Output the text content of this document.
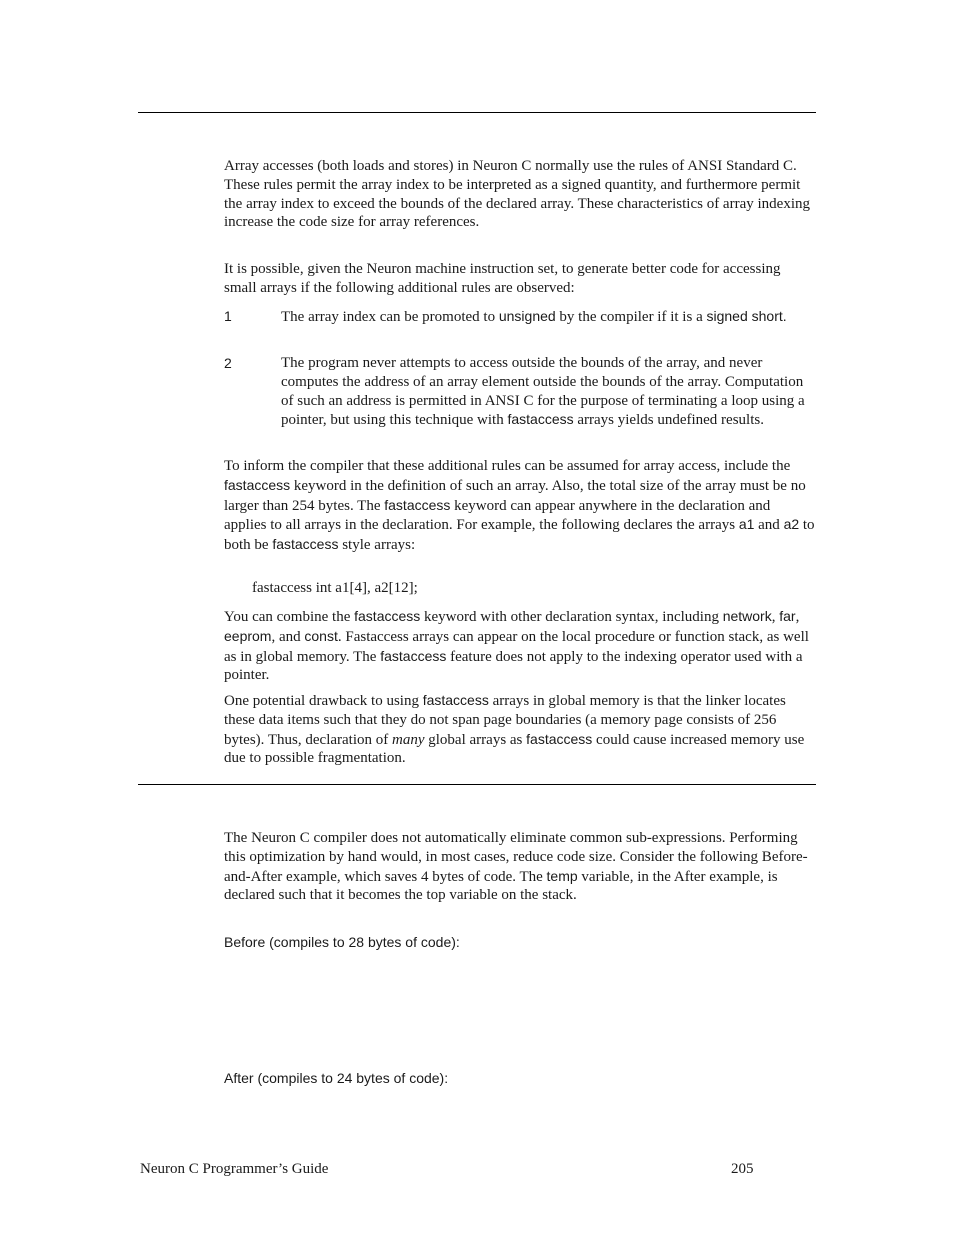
Array accesses (both loads and stores) in Neuron C normally use the rules of ANSI Standard C. These rules permit the array index to be interpreted as a signed quantity, and furthermore permit the array index to exceed the bounds of the declared array. These characteristics of array indexing increase the code size for array references.

It is possible, given the Neuron machine instruction set, to generate better code for accessing small arrays if the following additional rules are observed:

1	The array index can be promoted to unsigned by the compiler if it is a signed short.

2	The program never attempts to access outside the bounds of the array, and never computes the address of an array element outside the bounds of the array. Computation of such an address is permitted in ANSI C for the purpose of terminating a loop using a pointer, but using this technique with fastaccess arrays yields undefined results.

To inform the compiler that these additional rules can be assumed for array access, include the fastaccess keyword in the definition of such an array. Also, the total size of the array must be no larger than 254 bytes. The fastaccess keyword can appear anywhere in the declaration and applies to all arrays in the declaration. For example, the following declares the arrays a1 and a2 to both be fastaccess style arrays:

fastaccess int a1[4], a2[12];

You can combine the fastaccess keyword with other declaration syntax, including network, far, eeprom, and const. Fastaccess arrays can appear on the local procedure or function stack, as well as in global memory. The fastaccess feature does not apply to the indexing operator used with a pointer.

One potential drawback to using fastaccess arrays in global memory is that the linker locates these data items such that they do not span page boundaries (a memory page consists of 256 bytes). Thus, declaration of many global arrays as fastaccess could cause increased memory use due to possible fragmentation.

The Neuron C compiler does not automatically eliminate common sub-expressions. Performing this optimization by hand would, in most cases, reduce code size. Consider the following Before-and-After example, which saves 4 bytes of code. The temp variable, in the After example, is declared such that it becomes the top variable on the stack.

Before (compiles to 28 bytes of code):

After (compiles to 24 bytes of code):

Neuron C Programmer’s Guide	205
